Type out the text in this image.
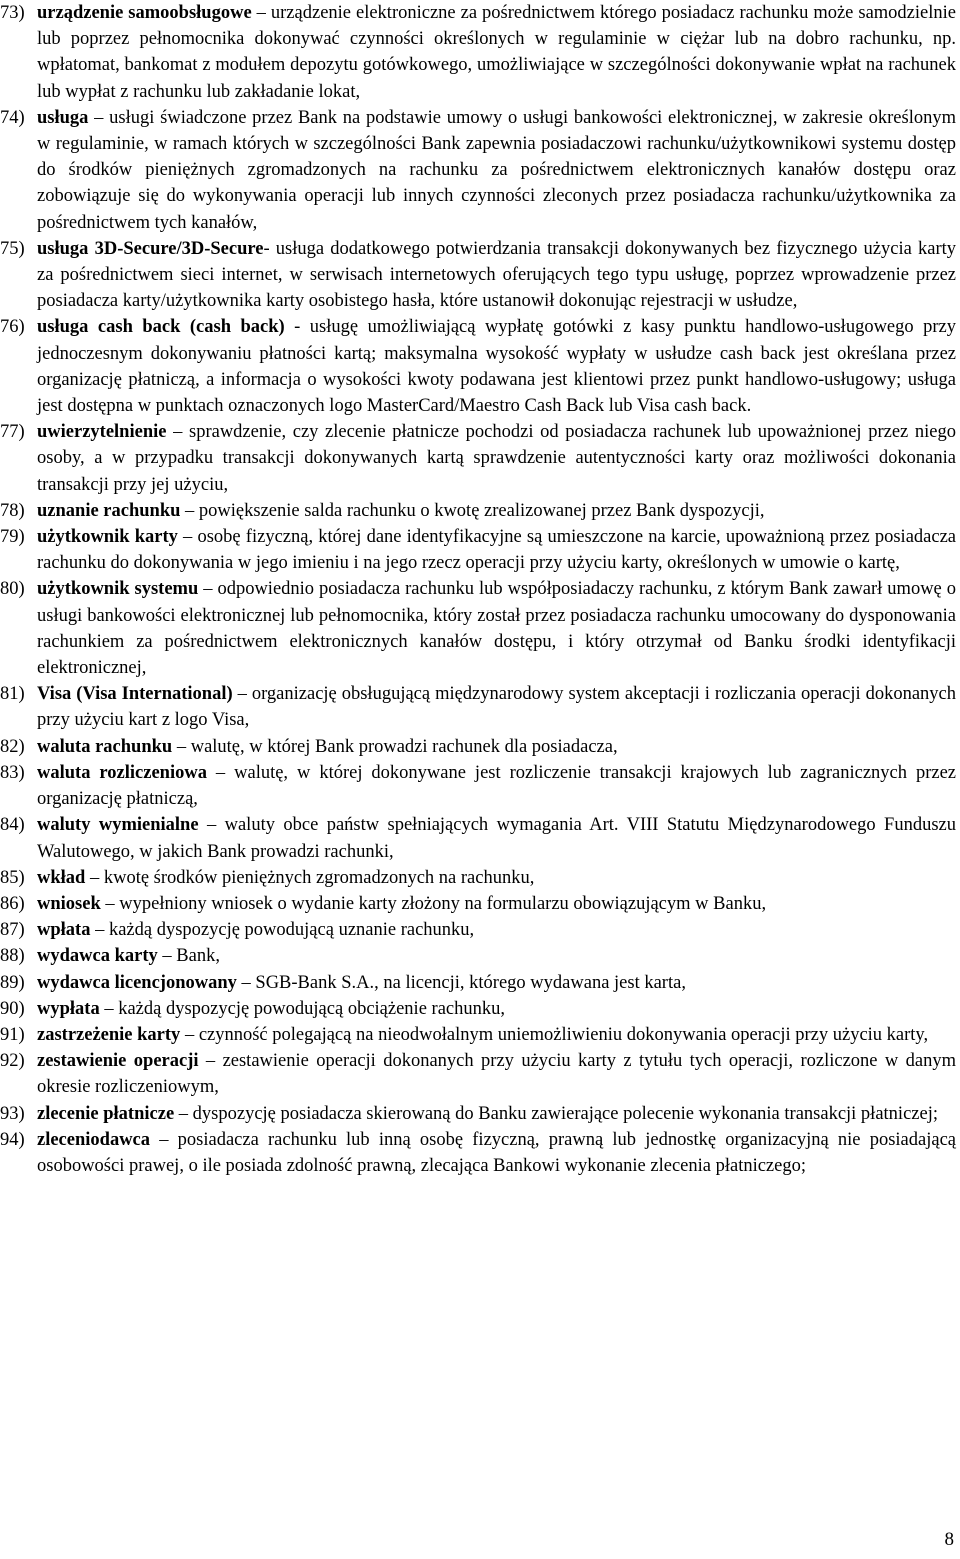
73) urządzenie samoobsługowe – urządzenie elektroniczne za pośrednictwem którego posiadacz rachunku może samodzielnie lub poprzez pełnomocnika dokonywać czynności określonych w regulaminie w ciężar lub na dobro rachunku, np. wpłatomat, bankomat z modułem depozytu gotówkowego, umożliwiające w szczególności dokonywanie wpłat na rachunek lub wypłat z rachunku lub zakładanie lokat,
74) usługa – usługi świadczone przez Bank na podstawie umowy o usługi bankowości elektronicznej, w zakresie określonym w regulaminie, w ramach których w szczególności Bank zapewnia posiadaczowi rachunku/użytkownikowi systemu dostęp do środków pieniężnych zgromadzonych na rachunku za pośrednictwem elektronicznych kanałów dostępu oraz zobowiązuje się do wykonywania operacji lub innych czynności zleconych przez posiadacza rachunku/użytkownika za pośrednictwem tych kanałów,
75) usługa 3D-Secure/3D-Secure- usługa dodatkowego potwierdzania transakcji dokonywanych bez fizycznego użycia karty za pośrednictwem sieci internet, w serwisach internetowych oferujących tego typu usługę, poprzez wprowadzenie przez posiadacza karty/użytkownika karty osobistego hasła, które ustanowił dokonując rejestracji w usłudze,
76) usługa cash back (cash back) - usługę umożliwiającą wypłatę gotówki z kasy punktu handlowo-usługowego przy jednoczesnym dokonywaniu płatności kartą; maksymalna wysokość wypłaty w usłudze cash back jest określana przez organizację płatniczą, a informacja o wysokości kwoty podawana jest klientowi przez punkt handlowo-usługowy; usługa jest dostępna w punktach oznaczonych logo MasterCard/Maestro Cash Back lub Visa cash back.
77) uwierzytelnienie – sprawdzenie, czy zlecenie płatnicze pochodzi od posiadacza rachunek lub upoważnionej przez niego osoby, a w przypadku transakcji dokonywanych kartą sprawdzenie autentyczności karty oraz możliwości dokonania transakcji przy jej użyciu,
78) uznanie rachunku – powiększenie salda rachunku o kwotę zrealizowanej przez Bank dyspozycji,
79) użytkownik karty – osobę fizyczną, której dane identyfikacyjne są umieszczone na karcie, upoważnioną przez posiadacza rachunku do dokonywania w jego imieniu i na jego rzecz operacji przy użyciu karty, określonych w umowie o kartę,
80) użytkownik systemu – odpowiednio posiadacza rachunku lub współposiadaczy rachunku, z którym Bank zawarł umowę o usługi bankowości elektronicznej lub pełnomocnika, który został przez posiadacza rachunku umocowany do dysponowania rachunkiem za pośrednictwem elektronicznych kanałów dostępu, i który otrzymał od Banku środki identyfikacji elektronicznej,
81) Visa (Visa International) – organizację obsługującą międzynarodowy system akceptacji i rozliczania operacji dokonanych przy użyciu kart z logo Visa,
82) waluta rachunku – walutę, w której Bank prowadzi rachunek dla posiadacza,
83) waluta rozliczeniowa – walutę, w której dokonywane jest rozliczenie transakcji krajowych lub zagranicznych przez organizację płatniczą,
84) waluty wymienialne – waluty obce państw spełniających wymagania Art. VIII Statutu Międzynarodowego Funduszu Walutowego, w jakich Bank prowadzi rachunki,
85) wkład – kwotę środków pieniężnych zgromadzonych na rachunku,
86) wniosek – wypełniony wniosek o wydanie karty złożony na formularzu obowiązującym w Banku,
87) wpłata – każdą dyspozycję powodującą uznanie rachunku,
88) wydawca karty – Bank,
89) wydawca licencjonowany – SGB-Bank S.A., na licencji, którego wydawana jest karta,
90) wypłata – każdą dyspozycję powodującą obciążenie rachunku,
91) zastrzeżenie karty – czynność polegającą na nieodwołalnym uniemożliwieniu dokonywania operacji przy użyciu karty,
92) zestawienie operacji – zestawienie operacji dokonanych przy użyciu karty z tytułu tych operacji, rozliczone w danym okresie rozliczeniowym,
93) zlecenie płatnicze – dyspozycję posiadacza skierowaną do Banku zawierające polecenie wykonania transakcji płatniczej;
94) zleceniodawca – posiadacza rachunku lub inną osobę fizyczną, prawną lub jednostkę organizacyjną nie posiadającą osobowości prawej, o ile posiada zdolność prawną, zlecająca Bankowi wykonanie zlecenia płatniczego;
8
